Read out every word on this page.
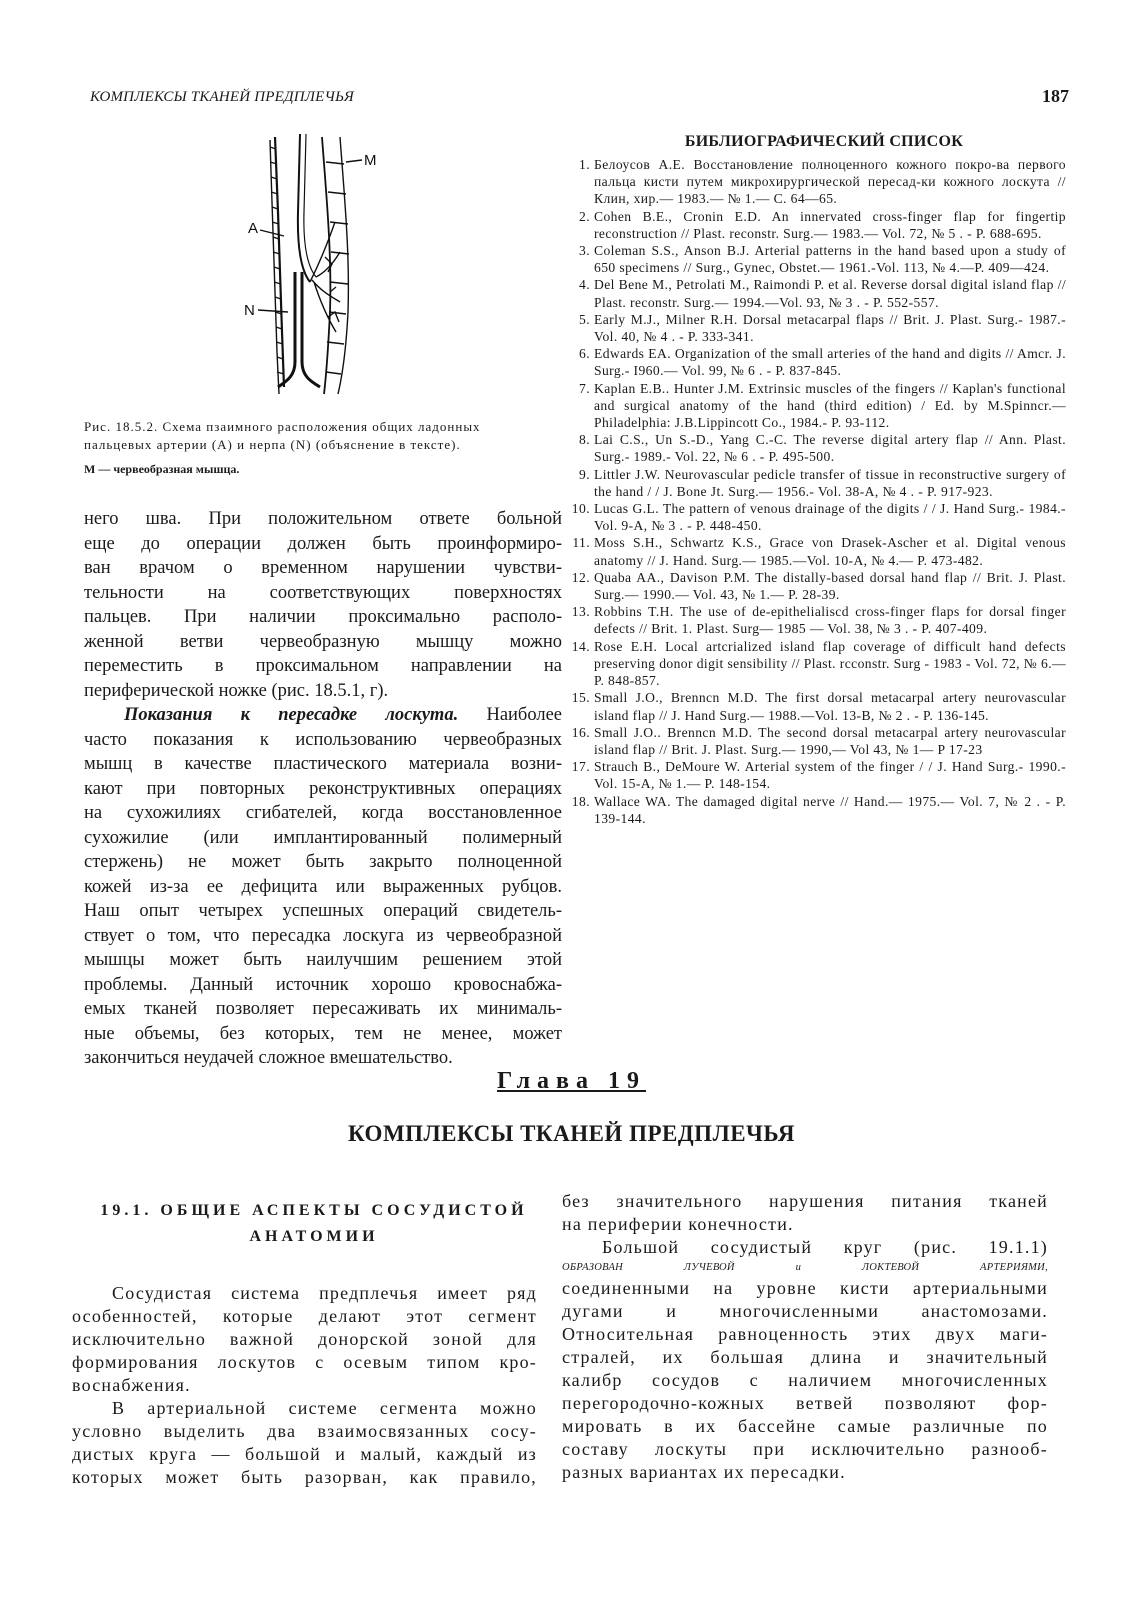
КОМПЛЕКСЫ ТКАНЕЙ ПРЕДПЛЕЧЬЯ	187
M
A
N
Рис. 18.5.2. Схема пзаимного расположения общих ладонных
пальцевых артерии (А) и нерпа (N) (объяснение в тексте).
М — червеобразная мышца.
него шва. При положительном ответе больной
еще до операции должен быть проинформиро-
ван врачом о временном нарушении чувстви-
тельности на соответствующих поверхностях
пальцев. При наличии проксимально располо-
женной ветви червеобразную мышцу можно
переместить в проксимальном направлении на
периферической ножке (рис. 18.5.1, г).
Показания к пересадке лоскута. Наиболее
часто показания к использованию червеобразных
мышц в качестве пластического материала возни-
кают при повторных реконструктивных операциях
на сухожилиях сгибателей, когда восстановленное
сухожилие (или имплантированный полимерный
стержень) не может быть закрыто полноценной
кожей из-за ее дефицита или выраженных рубцов.
Наш опыт четырех успешных операций свидетель-
ствует о том, что пересадка лоскуга из червеобразной
мышцы может быть наилучшим решением этой
проблемы. Данный источник хорошо кровоснабжа-
емых тканей позволяет пересаживать их минималь-
ные объемы, без которых, тем не менее, может
закончиться неудачей сложное вмешательство.
БИБЛИОГРАФИЧЕСКИЙ СПИСОК
1. Белоусов А.Е. Восстановление полноценного кожного покро-ва первого пальца кисти путем микрохирургической пересад-ки кожного лоскута // Клин, хир.— 1983.— № 1.— С. 64—65.
2. Cohen B.E., Cronin E.D. An innervated cross-finger flap for fingertip reconstruction // Plast. reconstr. Surg.— 1983.— Vol. 72, № 5 . - P. 688-695.
3. Coleman S.S., Anson B.J. Arterial patterns in the hand based upon a study of 650 specimens // Surg., Gynec, Obstet.— 1961.-Vol. 113, № 4.—P. 409—424.
4. Del Bene M., Petrolati M., Raimondi P. et al. Reverse dorsal digital island flap // Plast. reconstr. Surg.— 1994.—Vol. 93, № 3 . - P. 552-557.
5. Early M.J., Milner R.H. Dorsal metacarpal flaps // Brit. J. Plast. Surg.- 1987.- Vol. 40, № 4 . - P. 333-341.
6. Edwards EA. Organization of the small arteries of the hand and digits // Amcr. J. Surg.- I960.— Vol. 99, № 6 . - P. 837-845.
7. Kaplan E.B.. Hunter J.M. Extrinsic muscles of the fingers // Kaplan's functional and surgical anatomy of the hand (third edition) / Ed. by M.Spinncr.— Philadelphia: J.B.Lippincott Co., 1984.- P. 93-112.
8. Lai C.S., Un S.-D., Yang C.-C. The reverse digital artery flap // Ann. Plast. Surg.- 1989.- Vol. 22, № 6 . - P. 495-500.
9. Littler J.W. Neurovascular pedicle transfer of tissue in reconstructive surgery of the hand / / J. Bone Jt. Surg.— 1956.- Vol. 38-A, № 4 . - P. 917-923.
10. Lucas G.L. The pattern of venous drainage of the digits / / J. Hand Surg.- 1984.- Vol. 9-A, № 3 . - P. 448-450.
11. Moss S.H., Schwartz K.S., Grace von Drasek-Ascher et al. Digital venous anatomy // J. Hand. Surg.— 1985.—Vol. 10-A, № 4.— P. 473-482.
12. Quaba AA., Davison P.M. The distally-based dorsal hand flap // Brit. J. Plast. Surg.— 1990.— Vol. 43, № 1.— P. 28-39.
13. Robbins T.H. The use of de-epithelialiscd cross-finger flaps for dorsal finger defects // Brit. 1. Plast. Surg— 1985 — Vol. 38, № 3 . - P. 407-409.
14. Rose E.H. Local artcrialized island flap coverage of difficult hand defects preserving donor digit sensibility // Plast. rcconstr. Surg - 1983 - Vol. 72, № 6.— P. 848-857.
15. Small J.O., Brenncn M.D. The first dorsal metacarpal artery neurovascular island flap // J. Hand Surg.— 1988.—Vol. 13-B, № 2 . - P. 136-145.
16. Small J.O.. Brenncn M.D. The second dorsal metacarpal artery neurovascular island flap // Brit. J. Plast. Surg.— 1990,— Vol 43, № 1— P 17-23
17. Strauch B., DeMoure W. Arterial system of the finger / / J. Hand Surg.- 1990.- Vol. 15-A, № 1.— P. 148-154.
18. Wallace WA. The damaged digital nerve // Hand.— 1975.— Vol. 7, № 2 . - P. 139-144.
Глава 19
КОМПЛЕКСЫ ТКАНЕЙ ПРЕДПЛЕЧЬЯ
19.1. ОБЩИЕ АСПЕКТЫ СОСУДИСТОЙ
АНАТОМИИ
Сосудистая система предплечья имеет ряд
особенностей, которые делают этот сегмент
исключительно важной донорской зоной для
формирования лоскутов с осевым типом кро-
воснабжения.
В артериальной системе сегмента можно
условно выделить два взаимосвязанных сосу-
дистых круга — большой и малый, каждый из
которых может быть разорван, как правило,
без значительного нарушения питания тканей
на периферии конечности.
Большой сосудистый круг (рис. 19.1.1)
ОБРАЗОВАН ЛУЧЕВОЙ и ЛОКТЕВОЙ АРТЕРИЯМИ,
соединенными на уровне кисти артериальными
дугами и многочисленными анастомозами.
Относительная равноценность этих двух маги-
стралей, их большая длина и значительный
калибр сосудов с наличием многочисленных
перегородочно-кожных ветвей позволяют фор-
мировать в их бассейне самые различные по
составу лоскуты при исключительно разнооб-
разных вариантах их пересадки.
